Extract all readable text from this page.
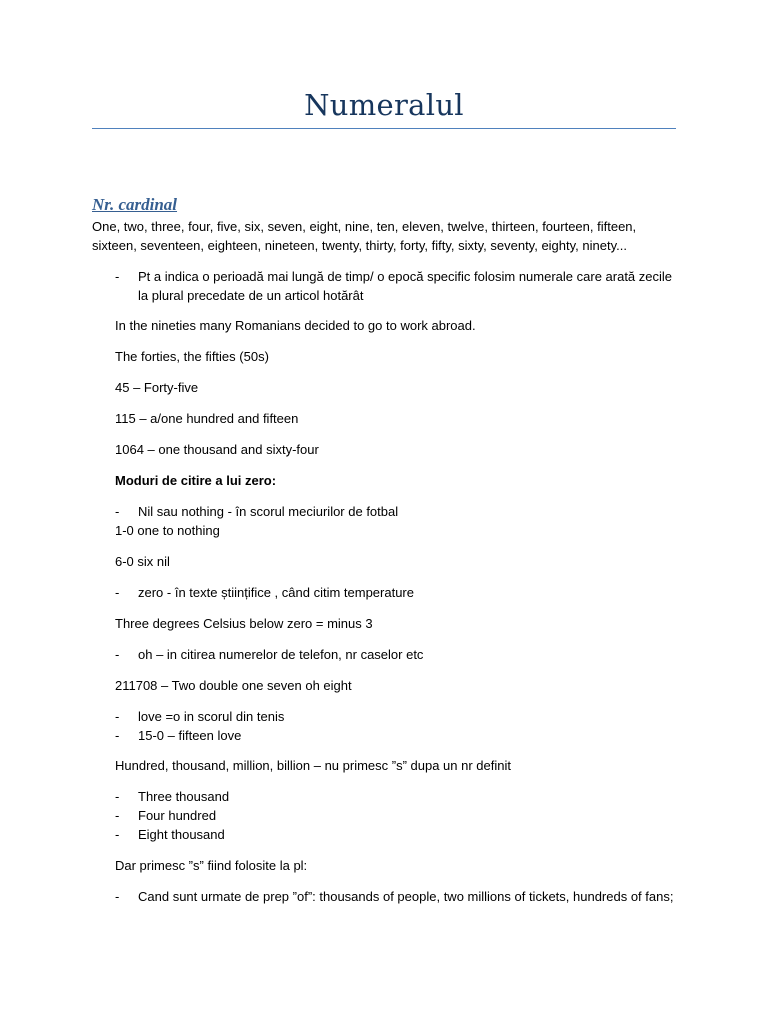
Numeralul
Nr. cardinal

One, two, three, four, five, six, seven, eight, nine, ten, eleven, twelve, thirteen, fourteen, fifteen, sixteen, seventeen, eighteen, nineteen, twenty, thirty, forty, fifty, sixty, seventy, eighty, ninety...

- Pt a indica o perioadă mai lungă de timp/ o epocă specific folosim numerale care arată zecile la plural precedate de un articol hotărât

In the nineties many Romanians decided to go to work abroad.

The forties, the fifties (50s)

45 – Forty-five

115 – a/one hundred and fifteen

1064 – one thousand and sixty-four

Moduri de citire a lui zero:

- Nil sau nothing - în scorul meciurilor de fotbal

1-0 one to nothing

6-0 six nil

- zero - în texte științifice , când citim temperature

Three degrees Celsius below zero = minus 3

- oh – in citirea numerelor de telefon, nr caselor etc

211708 – Two double one seven oh eight

- love =o in scorul din tenis

- 15-0 – fifteen love

Hundred, thousand, million, billion – nu primesc ”s” dupa un nr definit

- Three thousand

- Four hundred

- Eight thousand

Dar primesc ”s” fiind folosite la pl:

- Cand sunt urmate de prep ”of”: thousands of people, two millions of tickets, hundreds of fans;
